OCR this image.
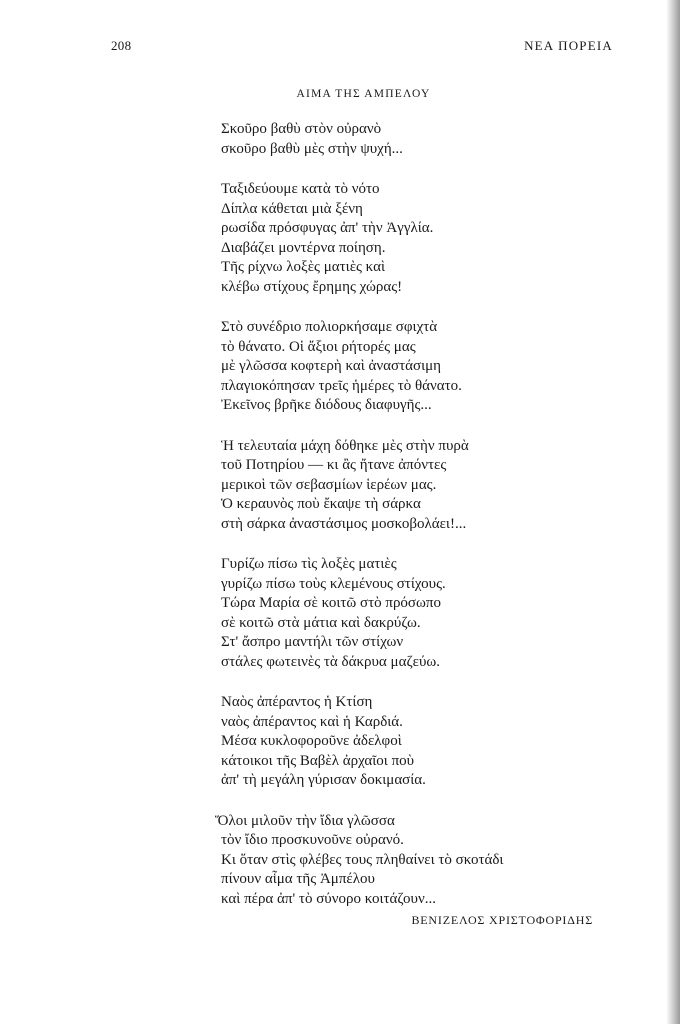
208	ΝΕΑ ΠΟΡΕΙΑ
ΑΙΜΑ ΤΗΣ ΑΜΠΕΛΟΥ
Σκοῦρο βαθὺ στὸν οὐρανὸ
σκοῦρο βαθὺ μὲς στὴν ψυχή...
Ταξιδεύουμε κατὰ τὸ νότο
Δίπλα κάθεται μιὰ ξένη
ρωσίδα πρόσφυγας ἀπ' τὴν Ἀγγλία.
Διαβάζει μοντέρνα ποίηση.
Τῆς ρίχνω λοξὲς ματιὲς καὶ
κλέβω στίχους ἔρημης χώρας!
Στὸ συνέδριο πολιορκήσαμε σφιχτὰ
τὸ θάνατο. Οἱ ἄξιοι ρήτορές μας
μὲ γλῶσσα κοφτερὴ καὶ ἀναστάσιμη
πλαγιοκόπησαν τρεῖς ἡμέρες τὸ θάνατο.
Ἐκεῖνος βρῆκε διόδους διαφυγῆς...
Ἡ τελευταία μάχη δόθηκε μὲς στὴν πυρὰ
τοῦ Ποτηρίου — κι ἂς ἤτανε ἀπόντες
μερικοὶ τῶν σεβασμίων ἱερέων μας.
Ὁ κεραυνὸς ποὺ ἔκαψε τὴ σάρκα
στὴ σάρκα ἀναστάσιμος μοσκοβολάει!...
Γυρίζω πίσω τὶς λοξὲς ματιὲς
γυρίζω πίσω τοὺς κλεμένους στίχους.
Τώρα Μαρία σὲ κοιτῶ στὸ πρόσωπο
σὲ κοιτῶ στὰ μάτια καὶ δακρύζω.
Στ' ἄσπρο μαντήλι τῶν στίχων
στάλες φωτεινὲς τὰ δάκρυα μαζεύω.
Ναὸς ἀπέραντος ἡ Κτίση
ναὸς ἀπέραντος καὶ ἡ Καρδιά.
Μέσα κυκλοφοροῦνε ἀδελφοὶ
κάτοικοι τῆς Βαβὲλ ἀρχαῖοι ποὺ
ἀπ' τὴ μεγάλη γύρισαν δοκιμασία.
Ὅλοι μιλοῦν τὴν ἴδια γλῶσσα
τὸν ἴδιο προσκυνοῦνε οὐρανό.
Κι ὅταν στὶς φλέβες τους πληθαίνει τὸ σκοτάδι
πίνουν αἷμα τῆς Ἀμπέλου
καὶ πέρα ἀπ' τὸ σύνορο κοιτάζουν...
ΒΕΝΙΖΕΛΟΣ ΧΡΙΣΤΟΦΟΡΙΔΗΣ
